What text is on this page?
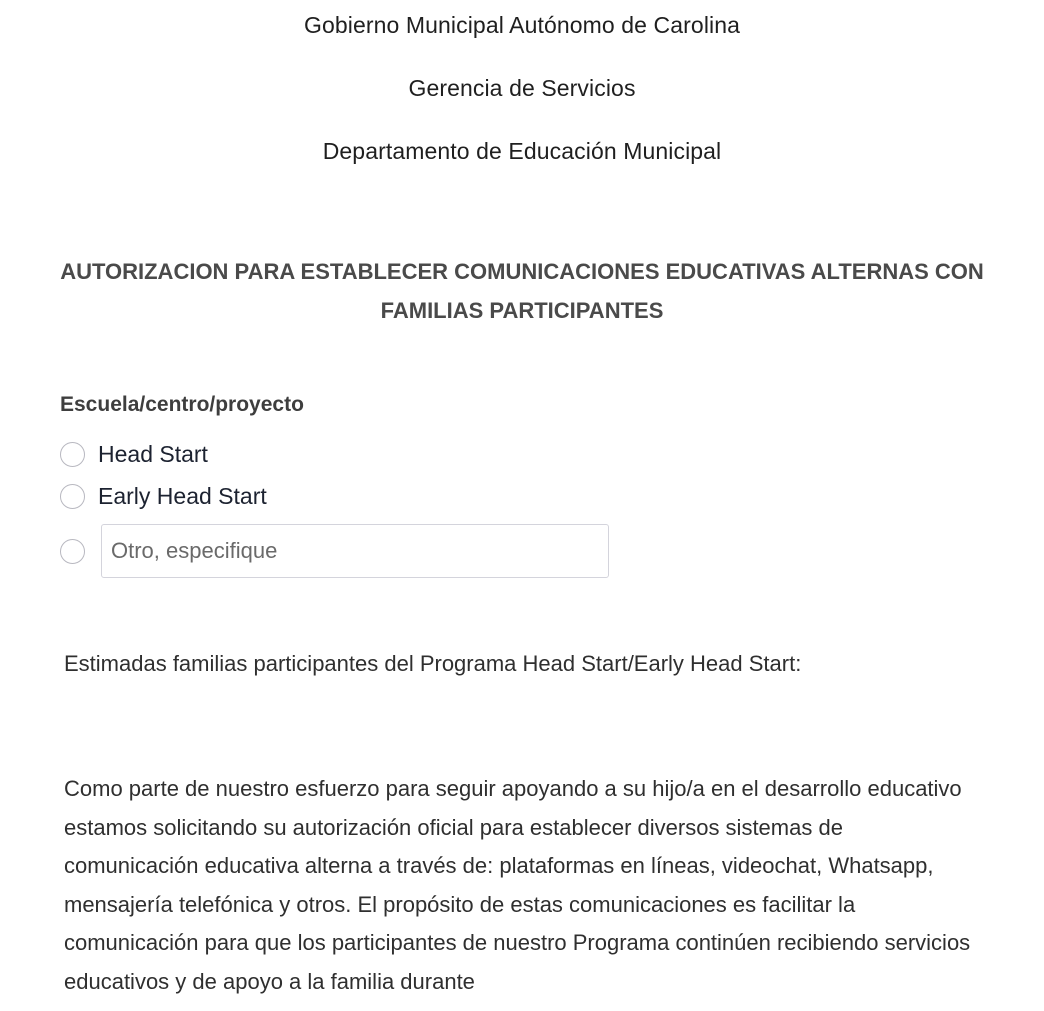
Gobierno Municipal Autónomo de Carolina
Gerencia de Servicios
Departamento de Educación Municipal
AUTORIZACION PARA ESTABLECER COMUNICACIONES EDUCATIVAS ALTERNAS CON FAMILIAS PARTICIPANTES
Escuela/centro/proyecto
Head Start
Early Head Start
Otro, especifique
Estimadas familias participantes del Programa Head Start/Early Head Start:

Como parte de nuestro esfuerzo para seguir apoyando a su hijo/a en el desarrollo educativo estamos solicitando su autorización oficial para establecer diversos sistemas de comunicación educativa alterna a través de: plataformas en líneas, videochat, Whatsapp, mensajería telefónica y otros. El propósito de estas comunicaciones es facilitar la comunicación para que los participantes de nuestro Programa continúen recibiendo servicios educativos y de apoyo a la familia durante
